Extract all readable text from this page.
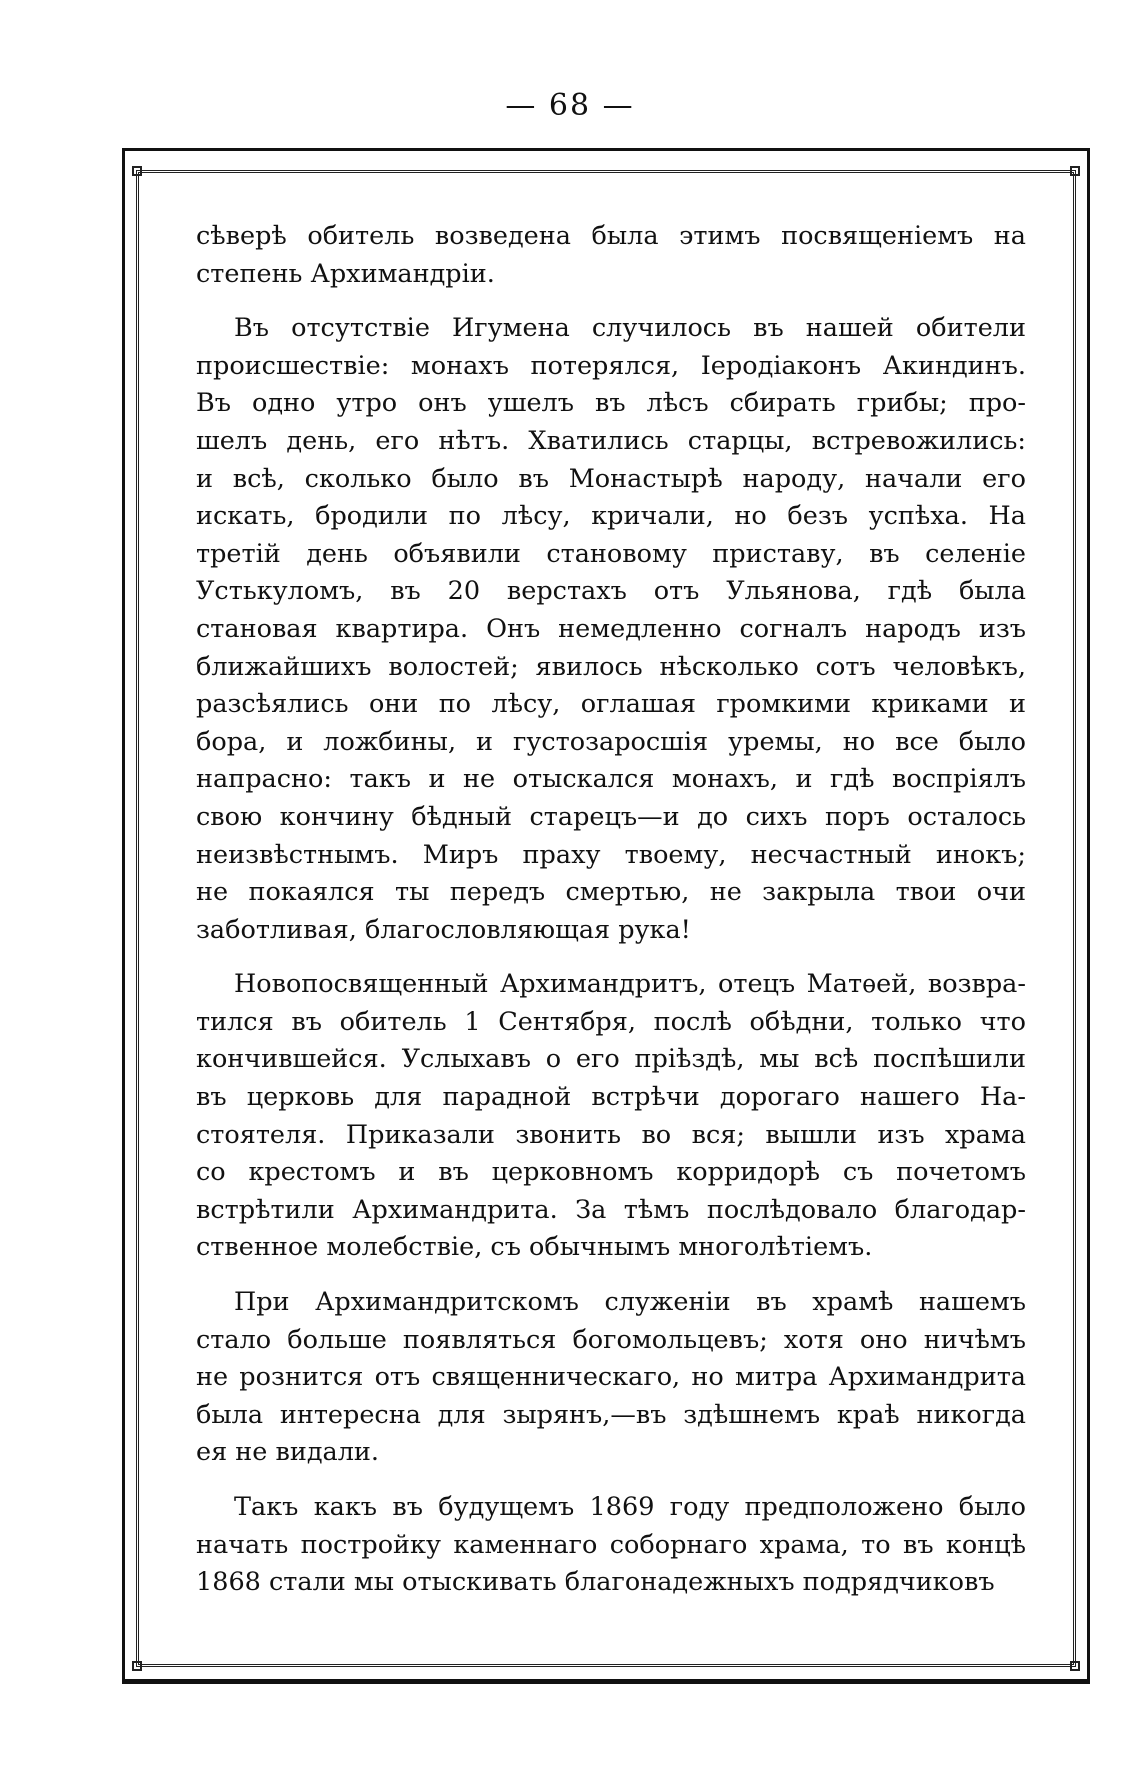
— 68 —
сѣверѣ обитель возведена была этимъ посвященіемъ на
степень Архимандріи.
Въ отсутствіе Игумена случилось въ нашей обители
происшествіе: монахъ потерялся, Іеродіаконъ Акиндинъ.
Въ одно утро онъ ушелъ въ лѣсъ сбирать грибы; про-
шелъ день, его нѣтъ. Хватились старцы, встревожились:
и всѣ, сколько было въ Монастырѣ народу, начали его
искать, бродили по лѣсу, кричали, но безъ успѣха. На
третій день объявили становому приставу, въ селеніе
Устькуломъ, въ 20 верстахъ отъ Ульянова, гдѣ была
становая квартира. Онъ немедленно согналъ народъ изъ
ближайшихъ волостей; явилось нѣсколько сотъ человѣкъ,
разсѣялись они по лѣсу, оглашая громкими криками и
бора, и ложбины, и густозаросшія уремы, но все было
напрасно: такъ и не отыскался монахъ, и гдѣ воспріялъ
свою кончину бѣдный старецъ—и до сихъ поръ осталось
неизвѣстнымъ. Миръ праху твоему, несчастный инокъ;
не покаялся ты передъ смертью, не закрыла твои очи
заботливая, благословляющая рука!
Новопосвященный Архимандритъ, отецъ Матѳей, возвра-
тился въ обитель 1 Сентября, послѣ обѣдни, только что
кончившейся. Услыхавъ о его пріѣздѣ, мы всѣ поспѣшили
въ церковь для парадной встрѣчи дорогаго нашего На-
стоятеля. Приказали звонить во вся; вышли изъ храма
со крестомъ и въ церковномъ корридорѣ съ почетомъ
встрѣтили Архимандрита. За тѣмъ послѣдовало благодар-
ственное молебствіе, съ обычнымъ многолѣтіемъ.
При Архимандритскомъ служеніи въ храмѣ нашемъ
стало больше появляться богомольцевъ; хотя оно ничѣмъ
не рознится отъ священническаго, но митра Архимандрита
была интересна для зырянъ,—въ здѣшнемъ краѣ никогда
ея не видали.
Такъ какъ въ будущемъ 1869 году предположено было
начать постройку каменнаго соборнаго храма, то въ концѣ
1868 стали мы отыскивать благонадежныхъ подрядчиковъ
